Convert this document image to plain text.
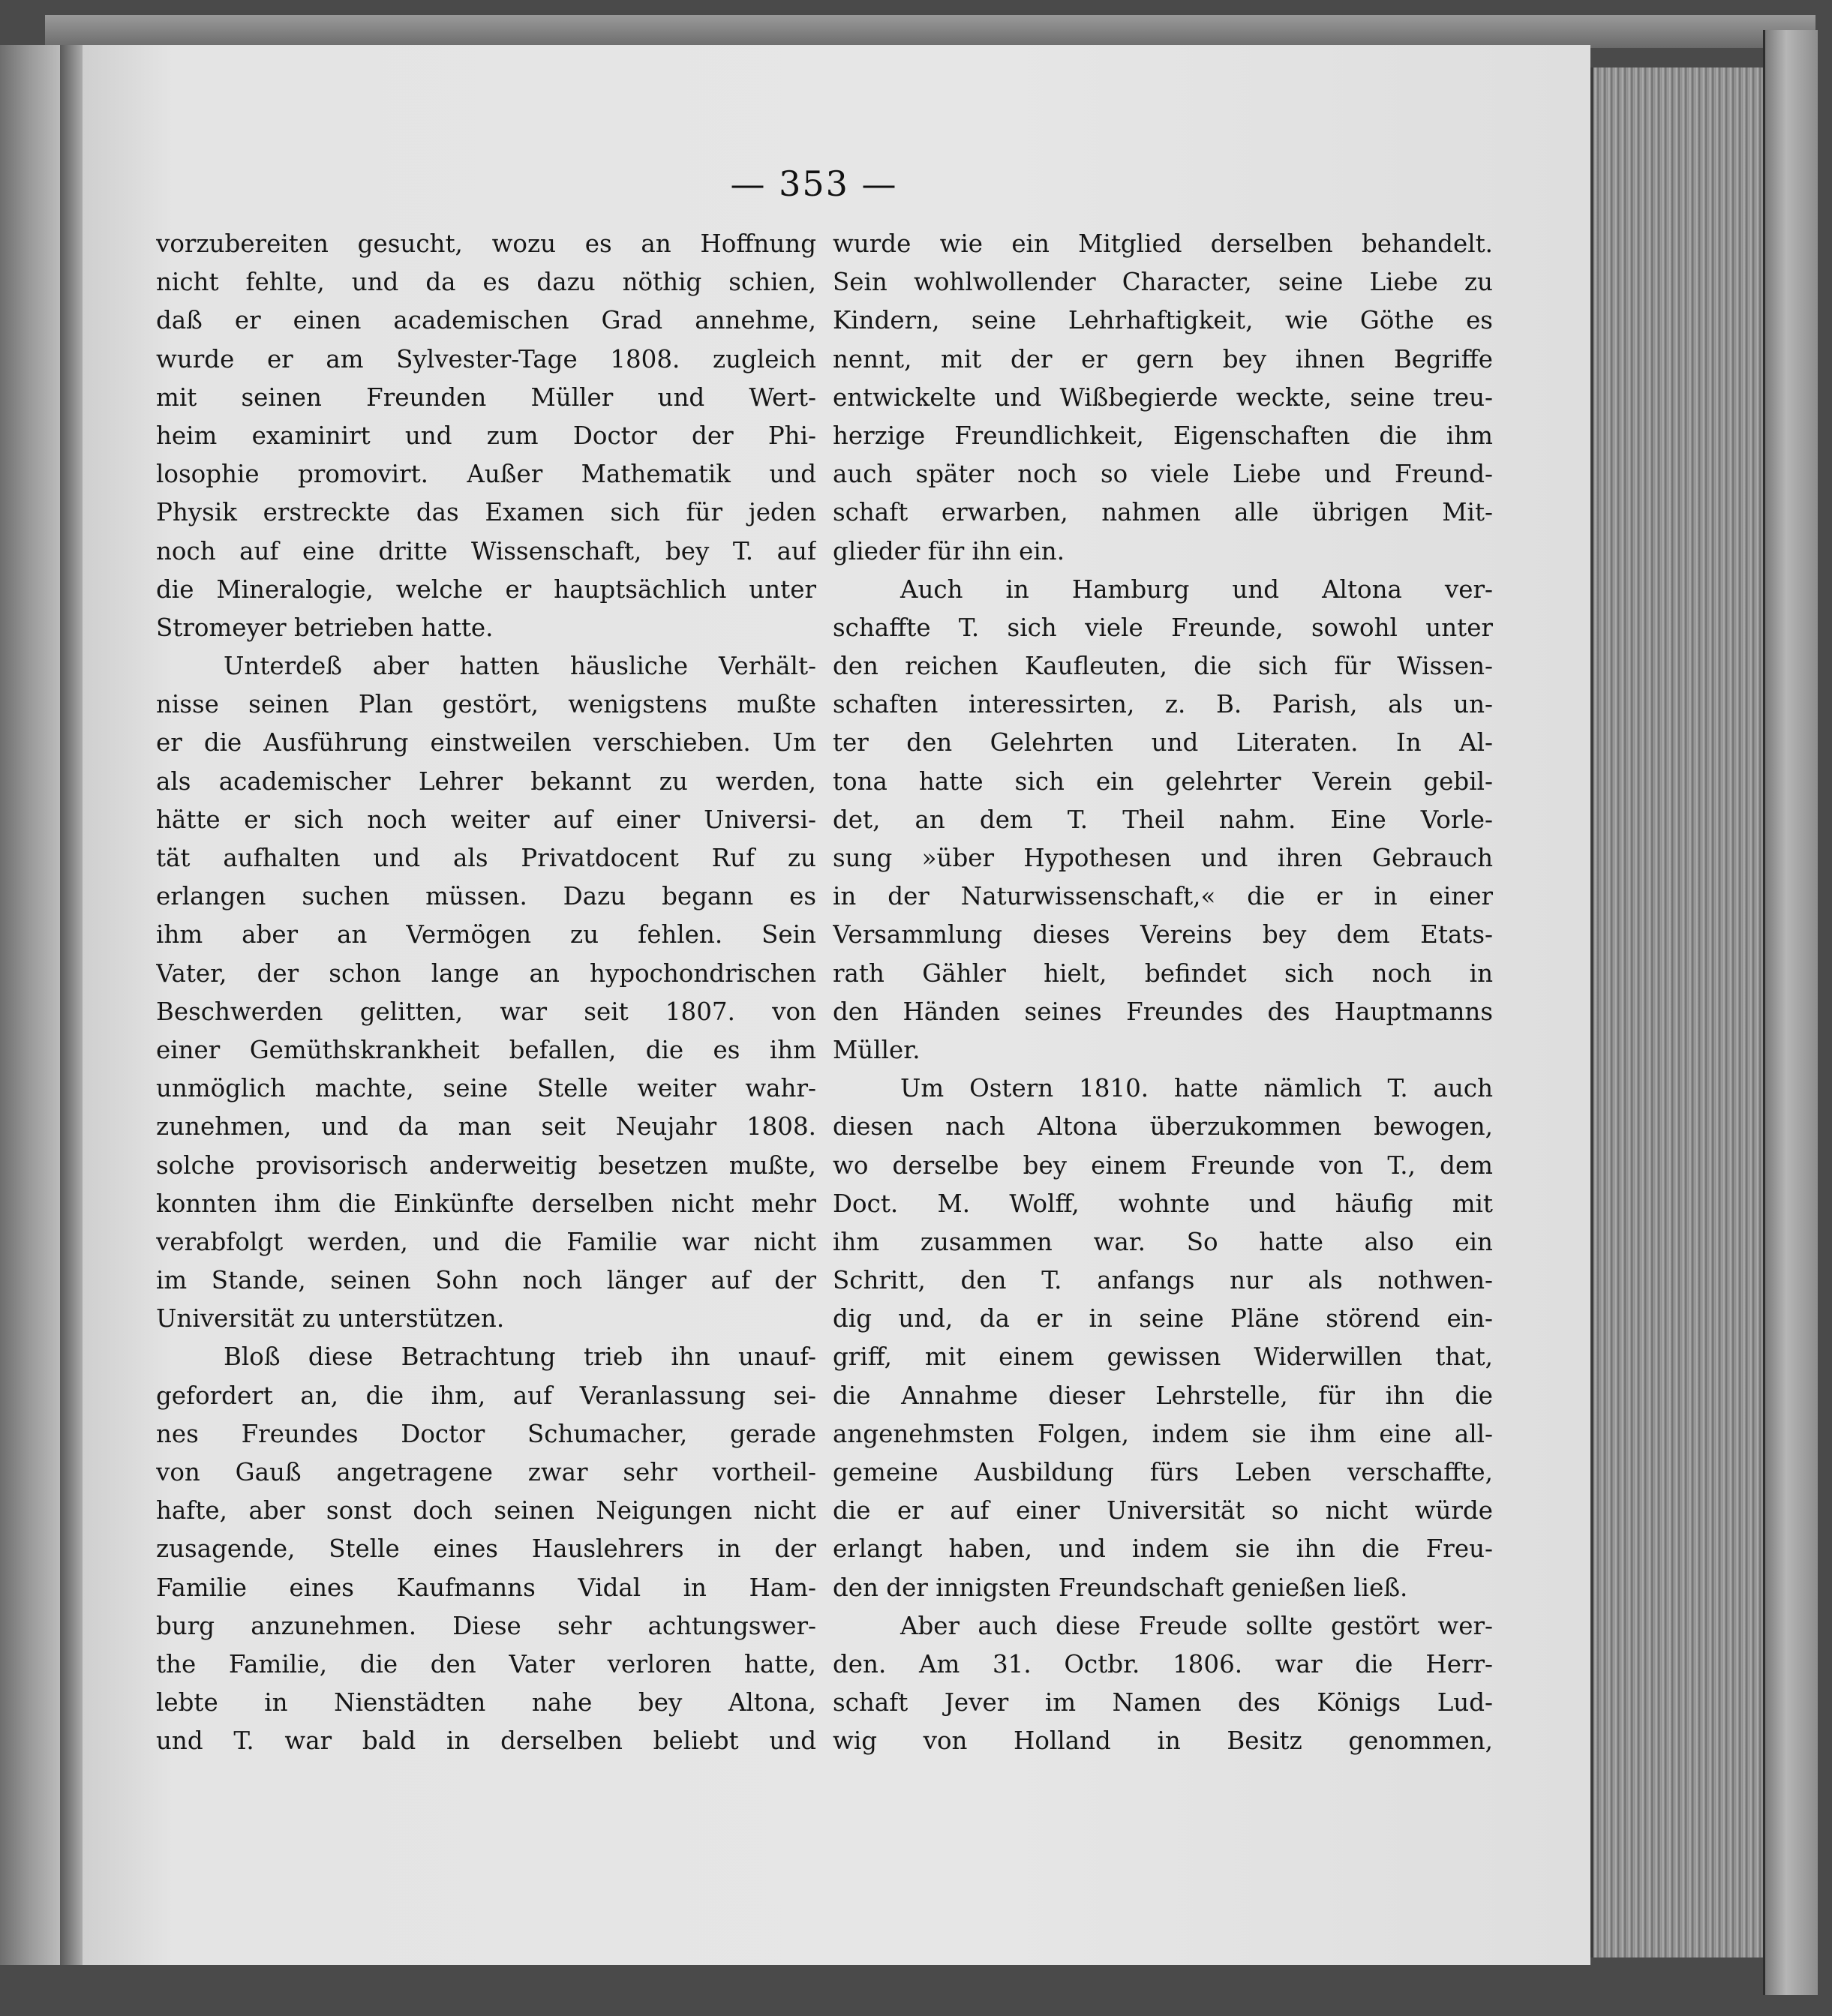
— 353 —
vorzubereiten gesucht, wozu es an Hoffnung
nicht fehlte, und da es dazu nöthig schien,
daß er einen academischen Grad annehme,
wurde er am Sylvester-Tage 1808. zugleich
mit seinen Freunden Müller und Wert-
heim examinirt und zum Doctor der Phi-
losophie promovirt. Außer Mathematik und
Physik erstreckte das Examen sich für jeden
noch auf eine dritte Wissenschaft, bey T. auf
die Mineralogie, welche er hauptsächlich unter
Stromeyer betrieben hatte.
Unterdeß aber hatten häusliche Verhält-
nisse seinen Plan gestört, wenigstens mußte
er die Ausführung einstweilen verschieben. Um
als academischer Lehrer bekannt zu werden,
hätte er sich noch weiter auf einer Universi-
tät aufhalten und als Privatdocent Ruf zu
erlangen suchen müssen. Dazu begann es
ihm aber an Vermögen zu fehlen. Sein
Vater, der schon lange an hypochondrischen
Beschwerden gelitten, war seit 1807. von
einer Gemüthskrankheit befallen, die es ihm
unmöglich machte, seine Stelle weiter wahr-
zunehmen, und da man seit Neujahr 1808.
solche provisorisch anderweitig besetzen mußte,
konnten ihm die Einkünfte derselben nicht mehr
verabfolgt werden, und die Familie war nicht
im Stande, seinen Sohn noch länger auf der
Universität zu unterstützen.
Bloß diese Betrachtung trieb ihn unauf-
gefordert an, die ihm, auf Veranlassung sei-
nes Freundes Doctor Schumacher, gerade
von Gauß angetragene zwar sehr vortheil-
hafte, aber sonst doch seinen Neigungen nicht
zusagende, Stelle eines Hauslehrers in der
Familie eines Kaufmanns Vidal in Ham-
burg anzunehmen. Diese sehr achtungswer-
the Familie, die den Vater verloren hatte,
lebte in Nienstädten nahe bey Altona,
und T. war bald in derselben beliebt und
wurde wie ein Mitglied derselben behandelt.
Sein wohlwollender Character, seine Liebe zu
Kindern, seine Lehrhaftigkeit, wie Göthe es
nennt, mit der er gern bey ihnen Begriffe
entwickelte und Wißbegierde weckte, seine treu-
herzige Freundlichkeit, Eigenschaften die ihm
auch später noch so viele Liebe und Freund-
schaft erwarben, nahmen alle übrigen Mit-
glieder für ihn ein.
Auch in Hamburg und Altona ver-
schaffte T. sich viele Freunde, sowohl unter
den reichen Kaufleuten, die sich für Wissen-
schaften interessirten, z. B. Parish, als un-
ter den Gelehrten und Literaten. In Al-
tona hatte sich ein gelehrter Verein gebil-
det, an dem T. Theil nahm. Eine Vorle-
sung »über Hypothesen und ihren Gebrauch
in der Naturwissenschaft,« die er in einer
Versammlung dieses Vereins bey dem Etats-
rath Gähler hielt, befindet sich noch in
den Händen seines Freundes des Hauptmanns
Müller.
Um Ostern 1810. hatte nämlich T. auch
diesen nach Altona überzukommen bewogen,
wo derselbe bey einem Freunde von T., dem
Doct. M. Wolff, wohnte und häufig mit
ihm zusammen war. So hatte also ein
Schritt, den T. anfangs nur als nothwen-
dig und, da er in seine Pläne störend ein-
griff, mit einem gewissen Widerwillen that,
die Annahme dieser Lehrstelle, für ihn die
angenehmsten Folgen, indem sie ihm eine all-
gemeine Ausbildung fürs Leben verschaffte,
die er auf einer Universität so nicht würde
erlangt haben, und indem sie ihn die Freu-
den der innigsten Freundschaft genießen ließ.
Aber auch diese Freude sollte gestört wer-
den. Am 31. Octbr. 1806. war die Herr-
schaft Jever im Namen des Königs Lud-
wig von Holland in Besitz genommen,
